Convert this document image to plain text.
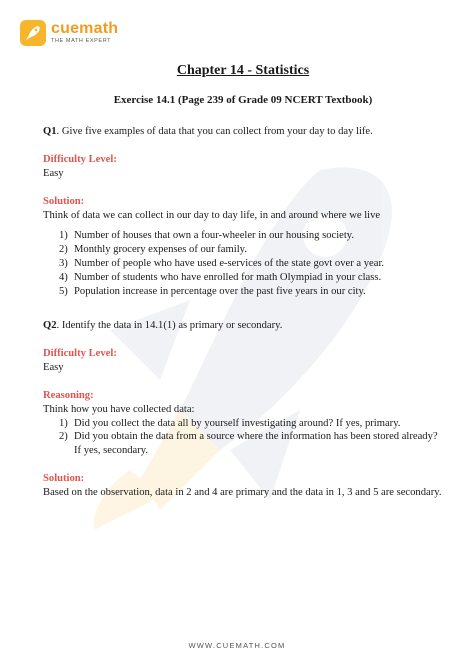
cuemath
THE MATH EXPERT
Chapter 14 - Statistics
Exercise 14.1 (Page 239 of Grade 09 NCERT Textbook)
Q1. Give five examples of data that you can collect from your day to day life.
Difficulty Level:
Easy
Solution:
Think of data we can collect in our day to day life, in and around where we live
1) Number of houses that own a four-wheeler in our housing society.
2) Monthly grocery expenses of our family.
3) Number of people who have used e-services of the state govt over a year.
4) Number of students who have enrolled for math Olympiad in your class.
5) Population increase in percentage over the past five years in our city.
Q2. Identify the data in 14.1(1) as primary or secondary.
Difficulty Level:
Easy
Reasoning:
Think how you have collected data:
1) Did you collect the data all by yourself investigating around? If yes, primary.
2) Did you obtain the data from a source where the information has been stored already? If yes, secondary.
Solution:
Based on the observation, data in 2 and 4 are primary and the data in 1, 3 and 5 are secondary.
WWW.CUEMATH.COM
